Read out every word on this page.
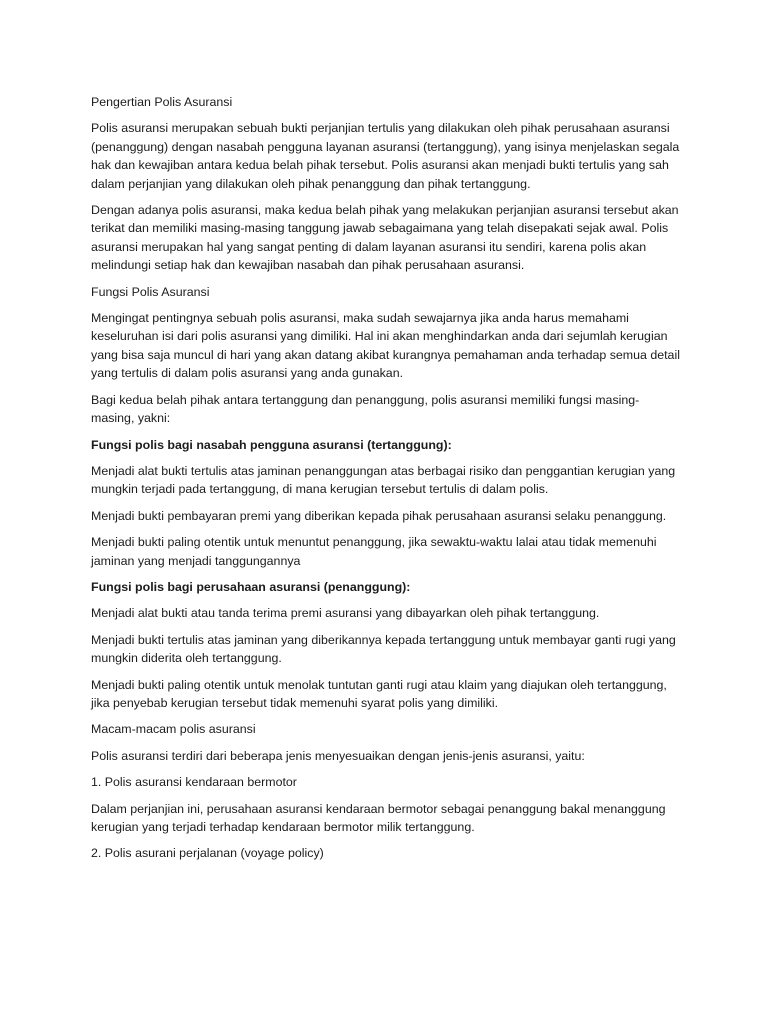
Pengertian Polis Asuransi

Polis asuransi merupakan sebuah bukti perjanjian tertulis yang dilakukan oleh pihak perusahaan asuransi (penanggung) dengan nasabah pengguna layanan asuransi (tertanggung), yang isinya menjelaskan segala hak dan kewajiban antara kedua belah pihak tersebut. Polis asuransi akan menjadi bukti tertulis yang sah dalam perjanjian yang dilakukan oleh pihak penanggung dan pihak tertanggung.

Dengan adanya polis asuransi, maka kedua belah pihak yang melakukan perjanjian asuransi tersebut akan terikat dan memiliki masing-masing tanggung jawab sebagaimana yang telah disepakati sejak awal. Polis asuransi merupakan hal yang sangat penting di dalam layanan asuransi itu sendiri, karena polis akan melindungi setiap hak dan kewajiban nasabah dan pihak perusahaan asuransi.

Fungsi Polis Asuransi

Mengingat pentingnya sebuah polis asuransi, maka sudah sewajarnya jika anda harus memahami keseluruhan isi dari polis asuransi yang dimiliki. Hal ini akan menghindarkan anda dari sejumlah kerugian yang bisa saja muncul di hari yang akan datang akibat kurangnya pemahaman anda terhadap semua detail yang tertulis di dalam polis asuransi yang anda gunakan.

Bagi kedua belah pihak antara tertanggung dan penanggung, polis asuransi memiliki fungsi masing-masing, yakni:

Fungsi polis bagi nasabah pengguna asuransi (tertanggung):

Menjadi alat bukti tertulis atas jaminan penanggungan atas berbagai risiko dan penggantian kerugian yang mungkin terjadi pada tertanggung, di mana kerugian tersebut tertulis di dalam polis.

Menjadi bukti pembayaran premi yang diberikan kepada pihak perusahaan asuransi selaku penanggung.

Menjadi bukti paling otentik untuk menuntut penanggung, jika sewaktu-waktu lalai atau tidak memenuhi jaminan yang menjadi tanggungannya

Fungsi polis bagi perusahaan asuransi (penanggung):

Menjadi alat bukti atau tanda terima premi asuransi yang dibayarkan oleh pihak tertanggung.

Menjadi bukti tertulis atas jaminan yang diberikannya kepada tertanggung untuk membayar ganti rugi yang mungkin diderita oleh tertanggung.

Menjadi bukti paling otentik untuk menolak tuntutan ganti rugi atau klaim yang diajukan oleh tertanggung, jika penyebab kerugian tersebut tidak memenuhi syarat polis yang dimiliki.

Macam-macam polis asuransi

Polis asuransi terdiri dari beberapa jenis menyesuaikan dengan jenis-jenis asuransi, yaitu:

1. Polis asuransi kendaraan bermotor

Dalam perjanjian ini, perusahaan asuransi kendaraan bermotor sebagai penanggung bakal menanggung kerugian yang terjadi terhadap kendaraan bermotor milik tertanggung.

2. Polis asurani perjalanan (voyage policy)
